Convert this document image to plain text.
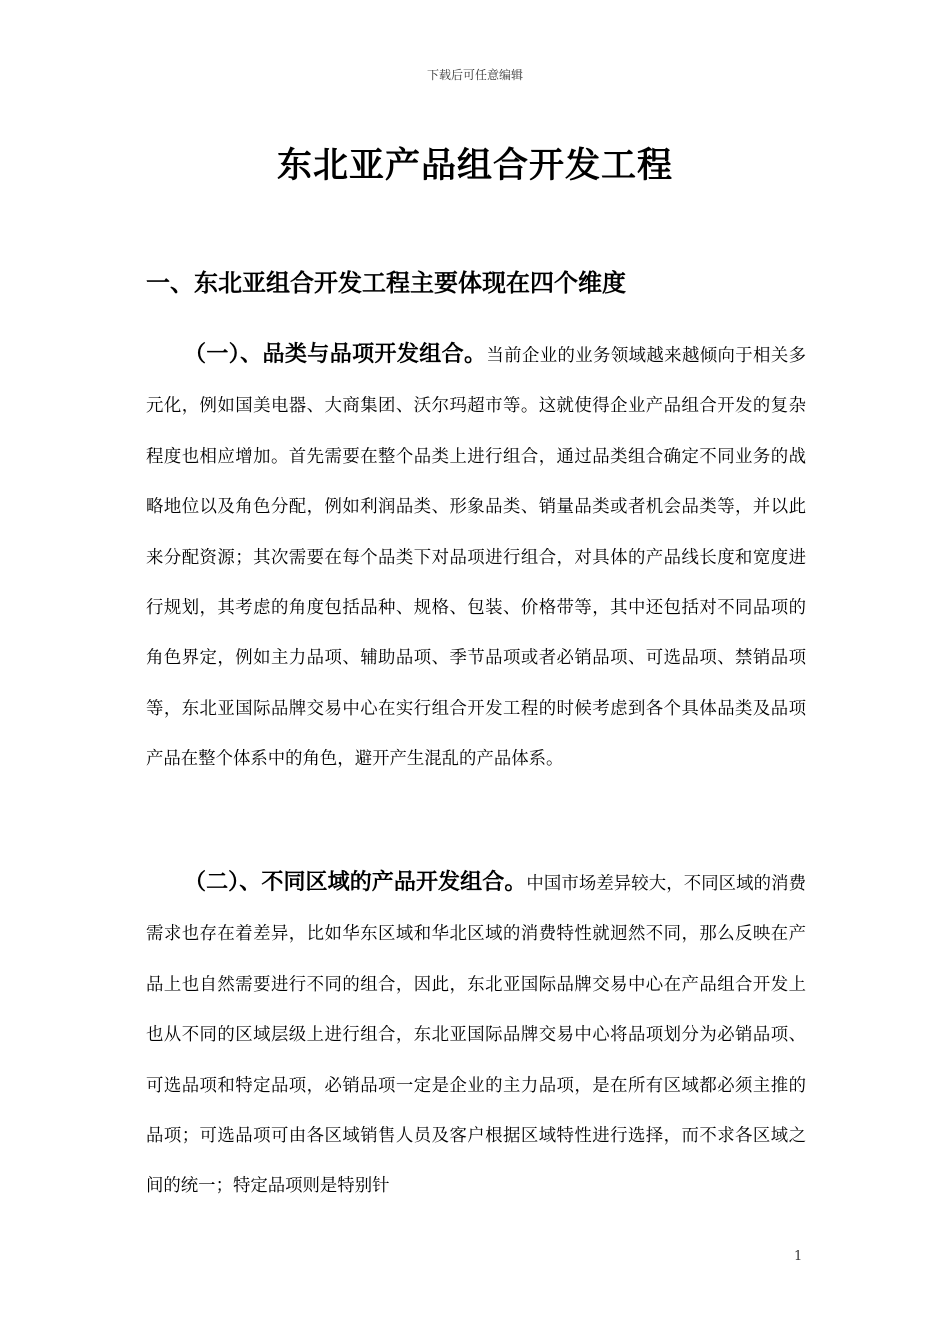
下载后可任意编辑
东北亚产品组合开发工程
一、东北亚组合开发工程主要体现在四个维度

（一）、品类与品项开发组合。当前企业的业务领域越来越倾向于相关多元化，例如国美电器、大商集团、沃尔玛超市等。这就使得企业产品组合开发的复杂程度也相应增加。首先需要在整个品类上进行组合，通过品类组合确定不同业务的战略地位以及角色分配，例如利润品类、形象品类、销量品类或者机会品类等，并以此来分配资源；其次需要在每个品类下对品项进行组合，对具体的产品线长度和宽度进行规划，其考虑的角度包括品种、规格、包装、价格带等，其中还包括对不同品项的角色界定，例如主力品项、辅助品项、季节品项或者必销品项、可选品项、禁销品项等，东北亚国际品牌交易中心在实行组合开发工程的时候考虑到各个具体品类及品项产品在整个体系中的角色，避开产生混乱的产品体系。

（二）、不同区域的产品开发组合。中国市场差异较大，不同区域的消费需求也存在着差异，比如华东区域和华北区域的消费特性就迥然不同，那么反映在产品上也自然需要进行不同的组合，因此，东北亚国际品牌交易中心在产品组合开发上也从不同的区域层级上进行组合，东北亚国际品牌交易中心将品项划分为必销品项、可选品项和特定品项，必销品项一定是企业的主力品项，是在所有区域都必须主推的品项；可选品项可由各区域销售人员及客户根据区域特性进行选择，而不求各区域之间的统一；特定品项则是特别针

1
